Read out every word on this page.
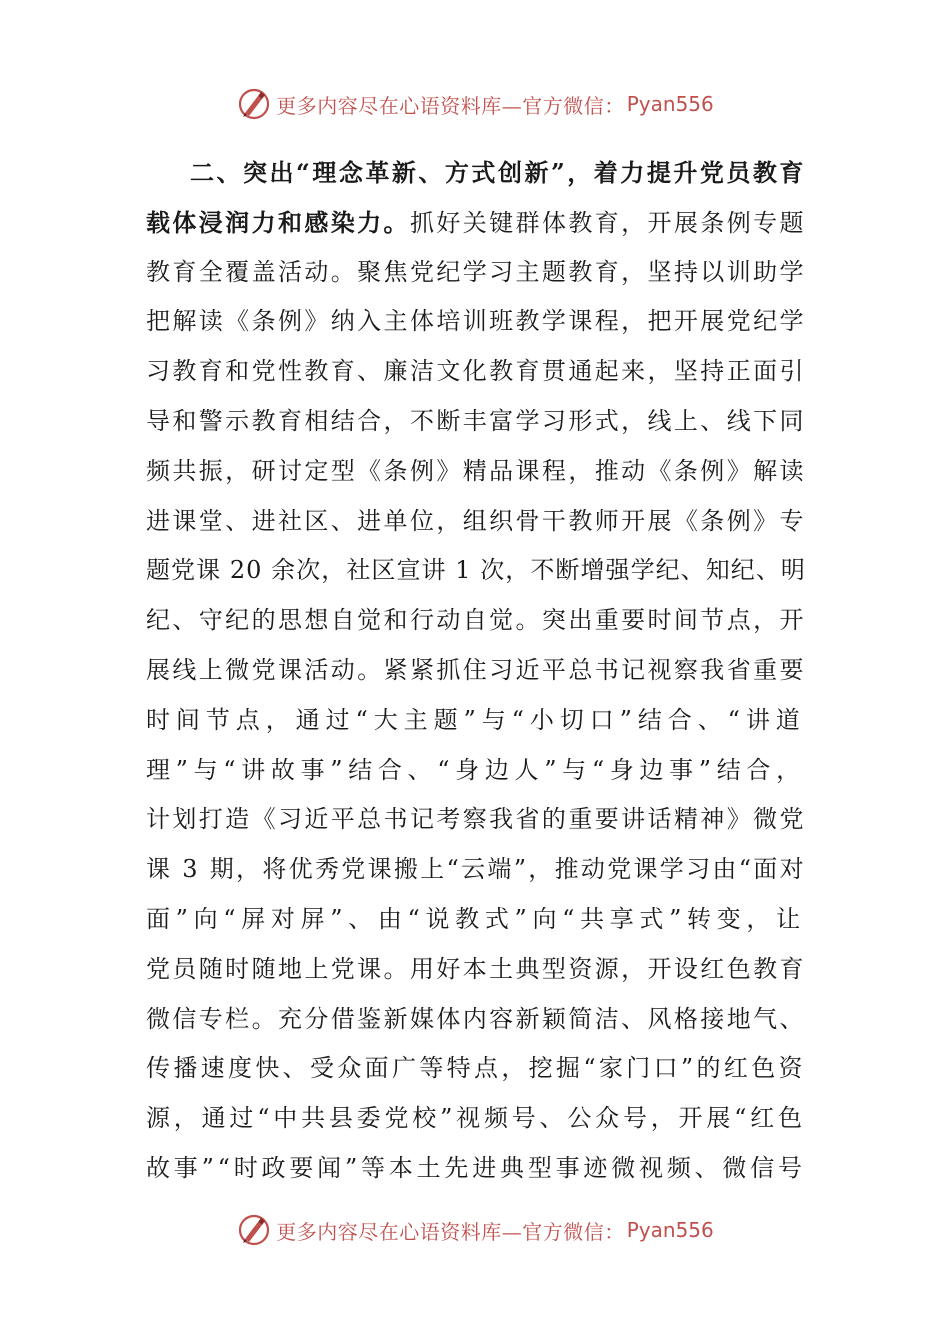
更多内容尽在心语资料库—官方微信： Pyan556
二、突出“理念革新、方式创新”，着力提升党员教育
载体浸润力和感染力。抓好关键群体教育，开展条例专题
教育全覆盖活动。聚焦党纪学习主题教育，坚持以训助学
把解读《条例》纳入主体培训班教学课程，把开展党纪学
习教育和党性教育、廉洁文化教育贯通起来，坚持正面引
导和警示教育相结合，不断丰富学习形式，线上、线下同
频共振，研讨定型《条例》精品课程，推动《条例》解读
进课堂、进社区、进单位，组织骨干教师开展《条例》专
题党课 20 余次，社区宣讲 1 次，不断增强学纪、知纪、明
纪、守纪的思想自觉和行动自觉。突出重要时间节点，开
展线上微党课活动。紧紧抓住习近平总书记视察我省重要
时间节点，通过“大主题”与“小切口”结合、“讲道
理”与“讲故事”结合、“身边人”与“身边事”结合，
计划打造《习近平总书记考察我省的重要讲话精神》微党
课 3 期，将优秀党课搬上“云端”，推动党课学习由“面对
面”向“屏对屏”、由“说教式”向“共享式”转变，让
党员随时随地上党课。用好本土典型资源，开设红色教育
微信专栏。充分借鉴新媒体内容新颖简洁、风格接地气、
传播速度快、受众面广等特点，挖掘“家门口”的红色资
源，通过“中共县委党校”视频号、公众号，开展“红色
故事”“时政要闻”等本土先进典型事迹微视频、微信号
更多内容尽在心语资料库—官方微信： Pyan556
